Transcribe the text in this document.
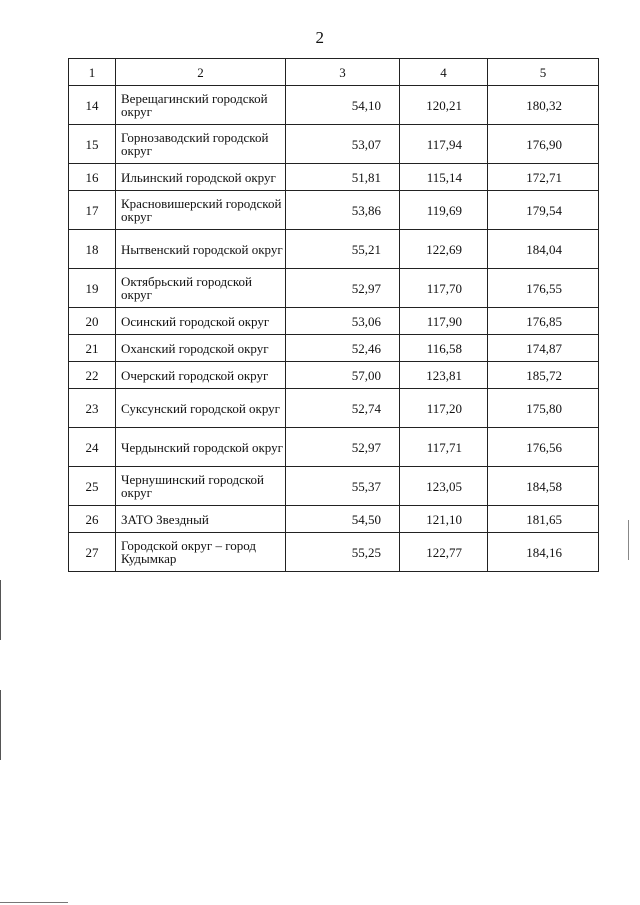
2
1	2	3	4	5
14	Верещагинский городской округ	54,10	120,21	180,32
15	Горнозаводский городской округ	53,07	117,94	176,90
16	Ильинский городской округ	51,81	115,14	172,71
17	Красновишерский городской округ	53,86	119,69	179,54
18	Нытвенский городской округ	55,21	122,69	184,04
19	Октябрьский городской округ	52,97	117,70	176,55
20	Осинский городской округ	53,06	117,90	176,85
21	Оханский городской округ	52,46	116,58	174,87
22	Очерский городской округ	57,00	123,81	185,72
23	Суксунский городской округ	52,74	117,20	175,80
24	Чердынский городской округ	52,97	117,71	176,56
25	Чернушинский городской округ	55,37	123,05	184,58
26	ЗАТО Звездный	54,50	121,10	181,65
27	Городской округ – город Кудымкар	55,25	122,77	184,16
